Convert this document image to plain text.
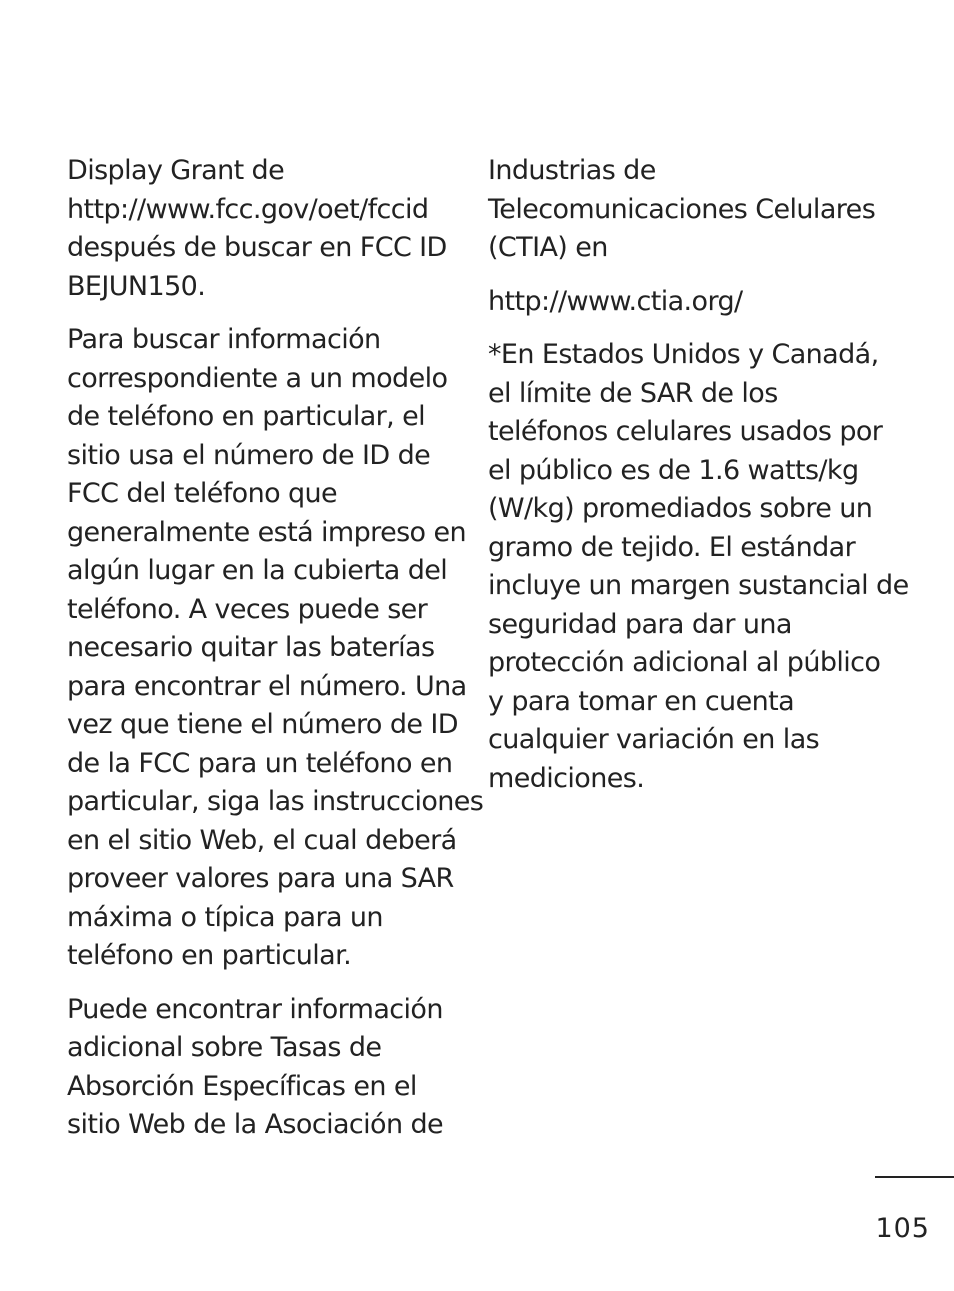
Display Grant de
http://www.fcc.gov/oet/fccid
después de buscar en FCC ID
BEJUN150.

Para buscar información
correspondiente a un modelo
de teléfono en particular, el
sitio usa el número de ID de
FCC del teléfono que
generalmente está impreso en
algún lugar en la cubierta del
teléfono. A veces puede ser
necesario quitar las baterías
para encontrar el número. Una
vez que tiene el número de ID
de la FCC para un teléfono en
particular, siga las instrucciones
en el sitio Web, el cual deberá
proveer valores para una SAR
máxima o típica para un
teléfono en particular.

Puede encontrar información
adicional sobre Tasas de
Absorción Específicas en el
sitio Web de la Asociación de

Industrias de
Telecomunicaciones Celulares
(CTIA) en

http://www.ctia.org/

*En Estados Unidos y Canadá,
el límite de SAR de los
teléfonos celulares usados por
el público es de 1.6 watts/kg
(W/kg) promediados sobre un
gramo de tejido. El estándar
incluye un margen sustancial de
seguridad para dar una
protección adicional al público
y para tomar en cuenta
cualquier variación en las
mediciones.

105
